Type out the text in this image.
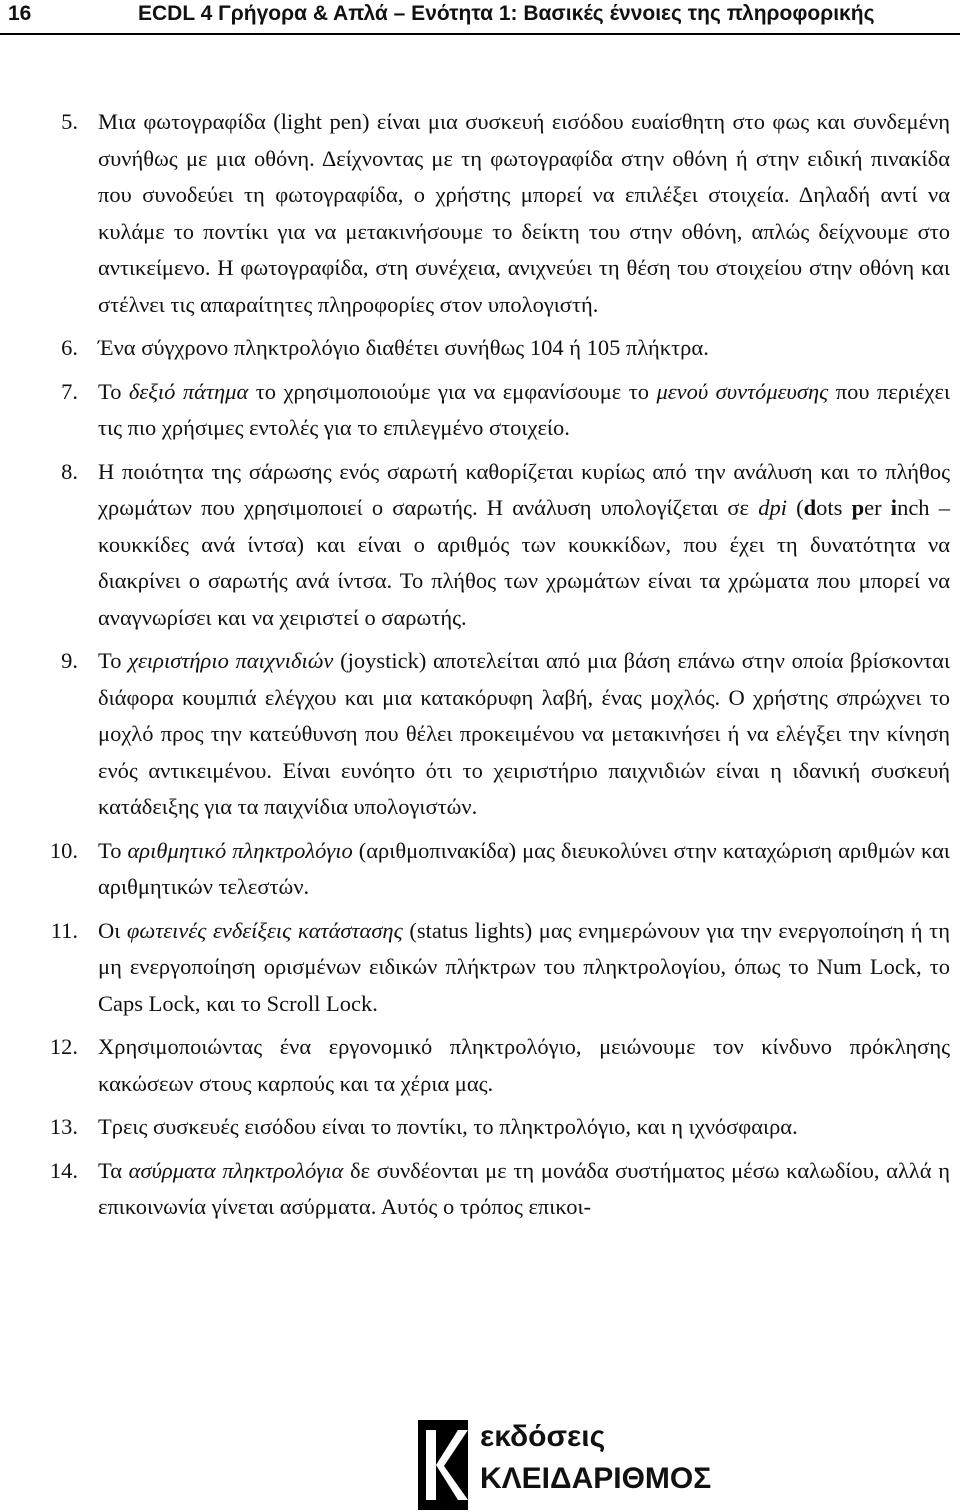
16	ECDL 4 Γρήγορα & Απλά – Ενότητα 1: Βασικές έννοιες της πληροφορικής
5. Μια φωτογραφίδα (light pen) είναι μια συσκευή εισόδου ευαίσθητη στο φως και συνδεμένη συνήθως με μια οθόνη. Δείχνοντας με τη φωτογραφίδα στην οθόνη ή στην ειδική πινακίδα που συνοδεύει τη φωτογραφίδα, ο χρήστης μπορεί να επιλέξει στοιχεία. Δηλαδή αντί να κυλάμε το ποντίκι για να μετακινήσουμε το δείκτη του στην οθόνη, απλώς δείχνουμε στο αντικείμενο. Η φωτογραφίδα, στη συνέχεια, ανιχνεύει τη θέση του στοιχείου στην οθόνη και στέλνει τις απαραίτητες πληροφορίες στον υπολογιστή.
6. Ένα σύγχρονο πληκτρολόγιο διαθέτει συνήθως 104 ή 105 πλήκτρα.
7. Το δεξιό πάτημα το χρησιμοποιούμε για να εμφανίσουμε το μενού συντόμευσης που περιέχει τις πιο χρήσιμες εντολές για το επιλεγμένο στοιχείο.
8. Η ποιότητα της σάρωσης ενός σαρωτή καθορίζεται κυρίως από την ανάλυση και το πλήθος χρωμάτων που χρησιμοποιεί ο σαρωτής. Η ανάλυση υπολογίζεται σε dpi (dots per inch – κουκκίδες ανά ίντσα) και είναι ο αριθμός των κουκκίδων, που έχει τη δυνατότητα να διακρίνει ο σαρωτής ανά ίντσα. Το πλήθος των χρωμάτων είναι τα χρώματα που μπορεί να αναγνωρίσει και να χειριστεί ο σαρωτής.
9. Το χειριστήριο παιχνιδιών (joystick) αποτελείται από μια βάση επάνω στην οποία βρίσκονται διάφορα κουμπιά ελέγχου και μια κατακόρυφη λαβή, ένας μοχλός. Ο χρήστης σπρώχνει το μοχλό προς την κατεύθυνση που θέλει προκειμένου να μετακινήσει ή να ελέγξει την κίνηση ενός αντικειμένου. Είναι ευνόητο ότι το χειριστήριο παιχνιδιών είναι η ιδανική συσκευή κατάδειξης για τα παιχνίδια υπολογιστών.
10. Το αριθμητικό πληκτρολόγιο (αριθμοπινακίδα) μας διευκολύνει στην καταχώριση αριθμών και αριθμητικών τελεστών.
11. Οι φωτεινές ενδείξεις κατάστασης (status lights) μας ενημερώνουν για την ενεργοποίηση ή τη μη ενεργοποίηση ορισμένων ειδικών πλήκτρων του πληκτρολογίου, όπως το Num Lock, το Caps Lock, και το Scroll Lock.
12. Χρησιμοποιώντας ένα εργονομικό πληκτρολόγιο, μειώνουμε τον κίνδυνο πρόκλησης κακώσεων στους καρπούς και τα χέρια μας.
13. Τρεις συσκευές εισόδου είναι το ποντίκι, το πληκτρολόγιο, και η ιχνόσφαιρα.
14. Τα ασύρματα πληκτρολόγια δε συνδέονται με τη μονάδα συστήματος μέσω καλωδίου, αλλά η επικοινωνία γίνεται ασύρματα. Αυτός ο τρόπος επικοι-
εκδόσεις
ΚΛΕΙΔΑΡΙΘΜΟΣ
